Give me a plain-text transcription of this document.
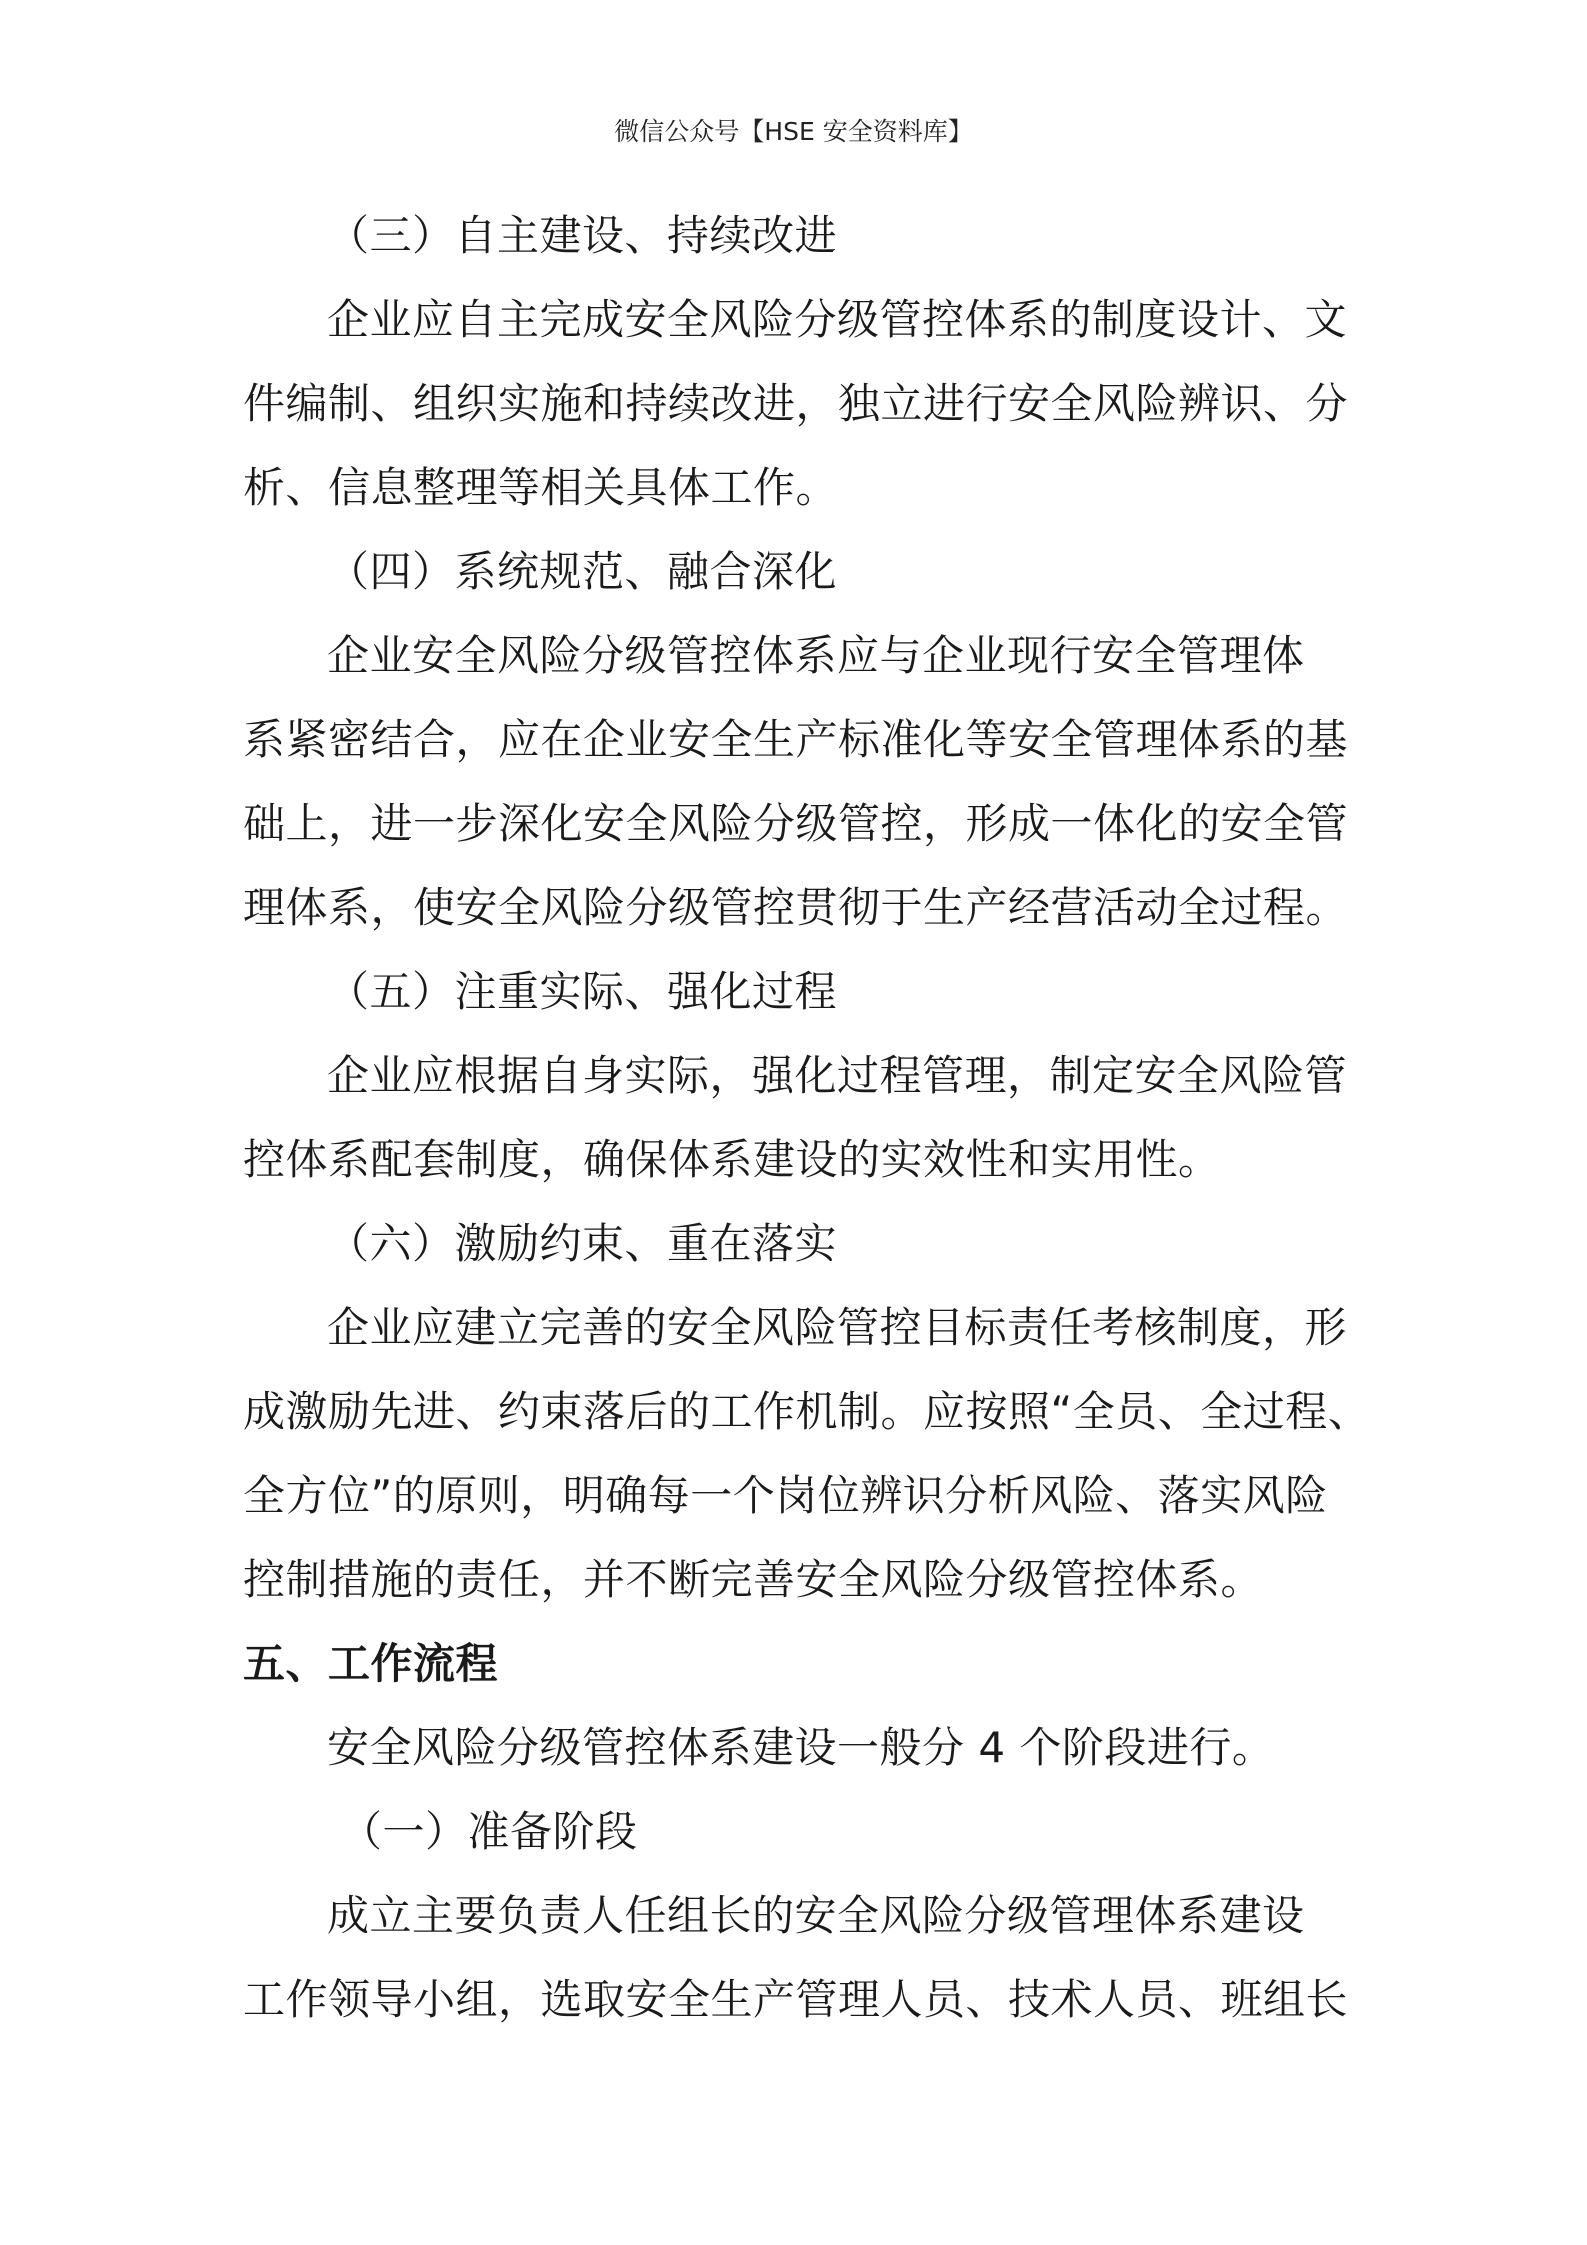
微信公众号【HSE 安全资料库】
（三）自主建设、持续改进
企业应自主完成安全风险分级管控体系的制度设计、文
件编制、组织实施和持续改进，独立进行安全风险辨识、分
析、信息整理等相关具体工作。
（四）系统规范、融合深化
企业安全风险分级管控体系应与企业现行安全管理体
系紧密结合，应在企业安全生产标准化等安全管理体系的基
础上，进一步深化安全风险分级管控，形成一体化的安全管
理体系，使安全风险分级管控贯彻于生产经营活动全过程。
（五）注重实际、强化过程
企业应根据自身实际，强化过程管理，制定安全风险管
控体系配套制度，确保体系建设的实效性和实用性。
（六）激励约束、重在落实
企业应建立完善的安全风险管控目标责任考核制度，形
成激励先进、约束落后的工作机制。应按照“全员、全过程、
全方位”的原则，明确每一个岗位辨识分析风险、落实风险
控制措施的责任，并不断完善安全风险分级管控体系。
五、工作流程
安全风险分级管控体系建设一般分 4 个阶段进行。
（一）准备阶段
成立主要负责人任组长的安全风险分级管理体系建设
工作领导小组，选取安全生产管理人员、技术人员、班组长
